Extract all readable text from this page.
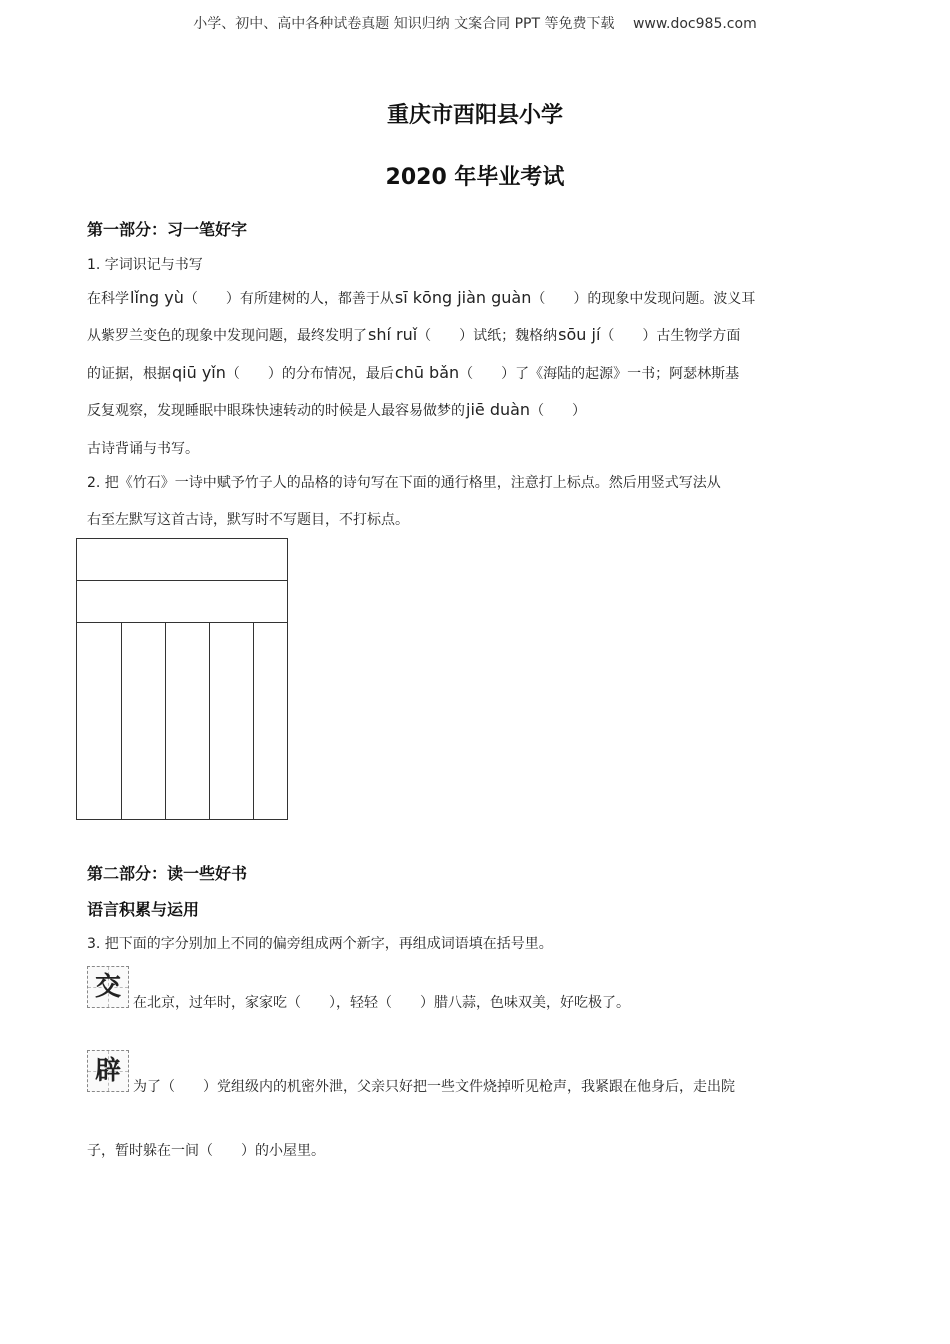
小学、初中、高中各种试卷真题 知识归纳 文案合同 PPT 等免费下载 www.doc985.com
重庆市酉阳县小学
2020 年毕业考试
第一部分：习一笔好字
1. 字词识记与书写
在科学lǐng yù（　　）有所建树的人，都善于从sī kōng jiàn guàn（　　）的现象中发现问题。波义耳
从紫罗兰变色的现象中发现问题，最终发明了shí ruǐ（　　）试纸；魏格纳sōu jí（　　）古生物学方面
的证据，根据qiū yǐn（　　）的分布情况，最后chū bǎn（　　）了《海陆的起源》一书；阿瑟林斯基
反复观察，发现睡眠中眼珠快速转动的时候是人最容易做梦的jiē duàn（　　）
古诗背诵与书写。
2. 把《竹石》一诗中赋予竹子人的品格的诗句写在下面的通行格里，注意打上标点。然后用竖式写法从
右至左默写这首古诗，默写时不写题目，不打标点。
第二部分：读一些好书
语言积累与运用
3. 把下面的字分别加上不同的偏旁组成两个新字，再组成词语填在括号里。
交
在北京，过年时，家家吃（　　），轻轻（　　）腊八蒜，色味双美，好吃极了。
辟
为了（　　）党组级内的机密外泄，父亲只好把一些文件烧掉听见枪声，我紧跟在他身后，走出院
子，暂时躲在一间（　　）的小屋里。
